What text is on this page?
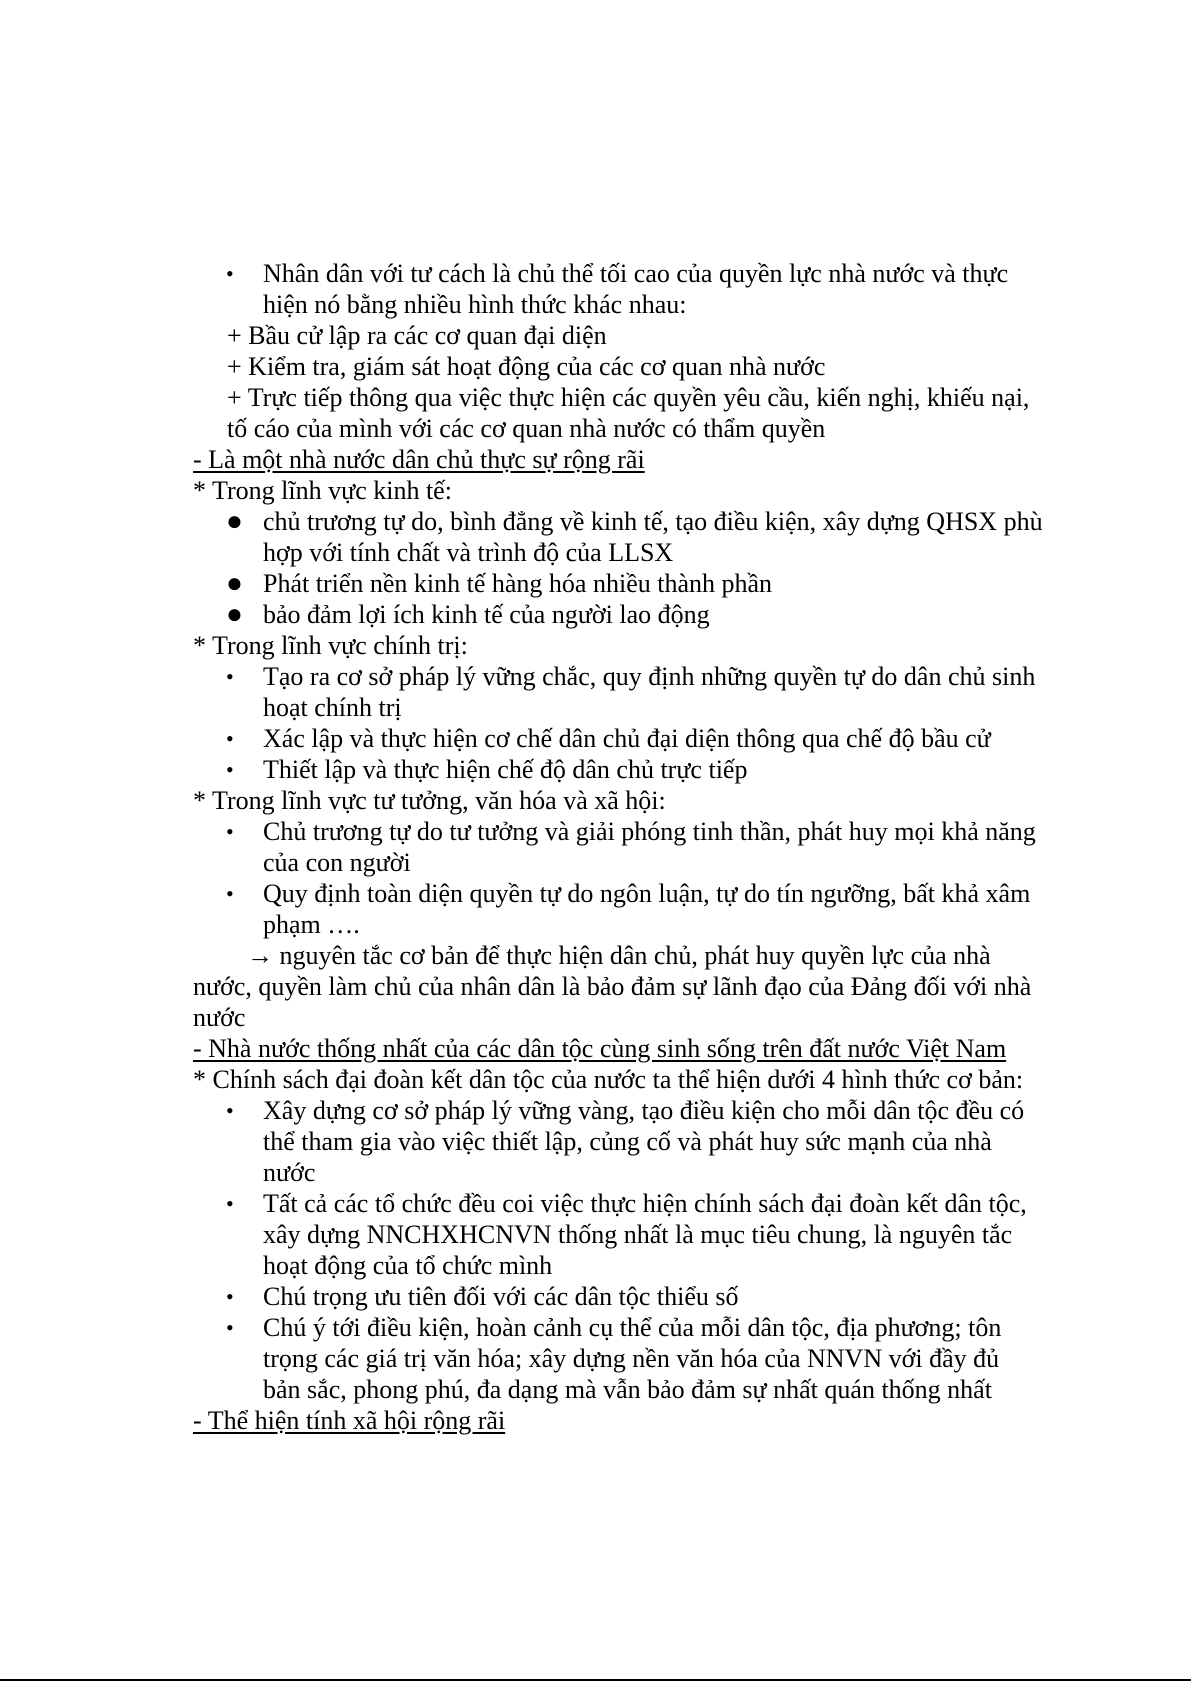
• Nhân dân với tư cách là chủ thể tối cao của quyền lực nhà nước và thực

hiện nó bằng nhiều hình thức khác nhau:

+ Bầu cử lập ra các cơ quan đại diện

+ Kiểm tra, giám sát hoạt động của các cơ quan nhà nước

+ Trực tiếp thông qua việc thực hiện các quyền yêu cầu, kiến nghị, khiếu nại,

tố cáo của mình với các cơ quan nhà nước có thẩm quyền

- Là một nhà nước dân chủ thực sự rộng rãi

* Trong lĩnh vực kinh tế:

● chủ trương tự do, bình đẳng về kinh tế, tạo điều kiện, xây dựng QHSX phù

hợp với tính chất và trình độ của LLSX

● Phát triển nền kinh tế hàng hóa nhiều thành phần

● bảo đảm lợi ích kinh tế của người lao động

* Trong lĩnh vực chính trị:

• Tạo ra cơ sở pháp lý vững chắc, quy định những quyền tự do dân chủ sinh

hoạt chính trị

• Xác lập và thực hiện cơ chế dân chủ đại diện thông qua chế độ bầu cử

• Thiết lập và thực hiện chế độ dân chủ trực tiếp

* Trong lĩnh vực tư tưởng, văn hóa và xã hội:

• Chủ trương tự do tư tưởng và giải phóng tinh thần, phát huy mọi khả năng

của con người

• Quy định toàn diện quyền tự do ngôn luận, tự do tín ngưỡng, bất khả xâm

phạm ….

→ nguyên tắc cơ bản để thực hiện dân chủ, phát huy quyền lực của nhà

nước, quyền làm chủ của nhân dân là bảo đảm sự lãnh đạo của Đảng đối với nhà

nước

- Nhà nước thống nhất của các dân tộc cùng sinh sống trên đất nước Việt Nam

* Chính sách đại đoàn kết dân tộc của nước ta thể hiện dưới 4 hình thức cơ bản:

• Xây dựng cơ sở pháp lý vững vàng, tạo điều kiện cho mỗi dân tộc đều có

thể tham gia vào việc thiết lập, củng cố và phát huy sức mạnh của nhà

nước

• Tất cả các tổ chức đều coi việc thực hiện chính sách đại đoàn kết dân tộc,

xây dựng NNCHXHCNVN thống nhất là mục tiêu chung, là nguyên tắc

hoạt động của tổ chức mình

• Chú trọng ưu tiên đối với các dân tộc thiểu số

• Chú ý tới điều kiện, hoàn cảnh cụ thể của mỗi dân tộc, địa phương; tôn

trọng các giá trị văn hóa; xây dựng nền văn hóa của NNVN với đầy đủ

bản sắc, phong phú, đa dạng mà vẫn bảo đảm sự nhất quán thống nhất

- Thể hiện tính xã hội rộng rãi
